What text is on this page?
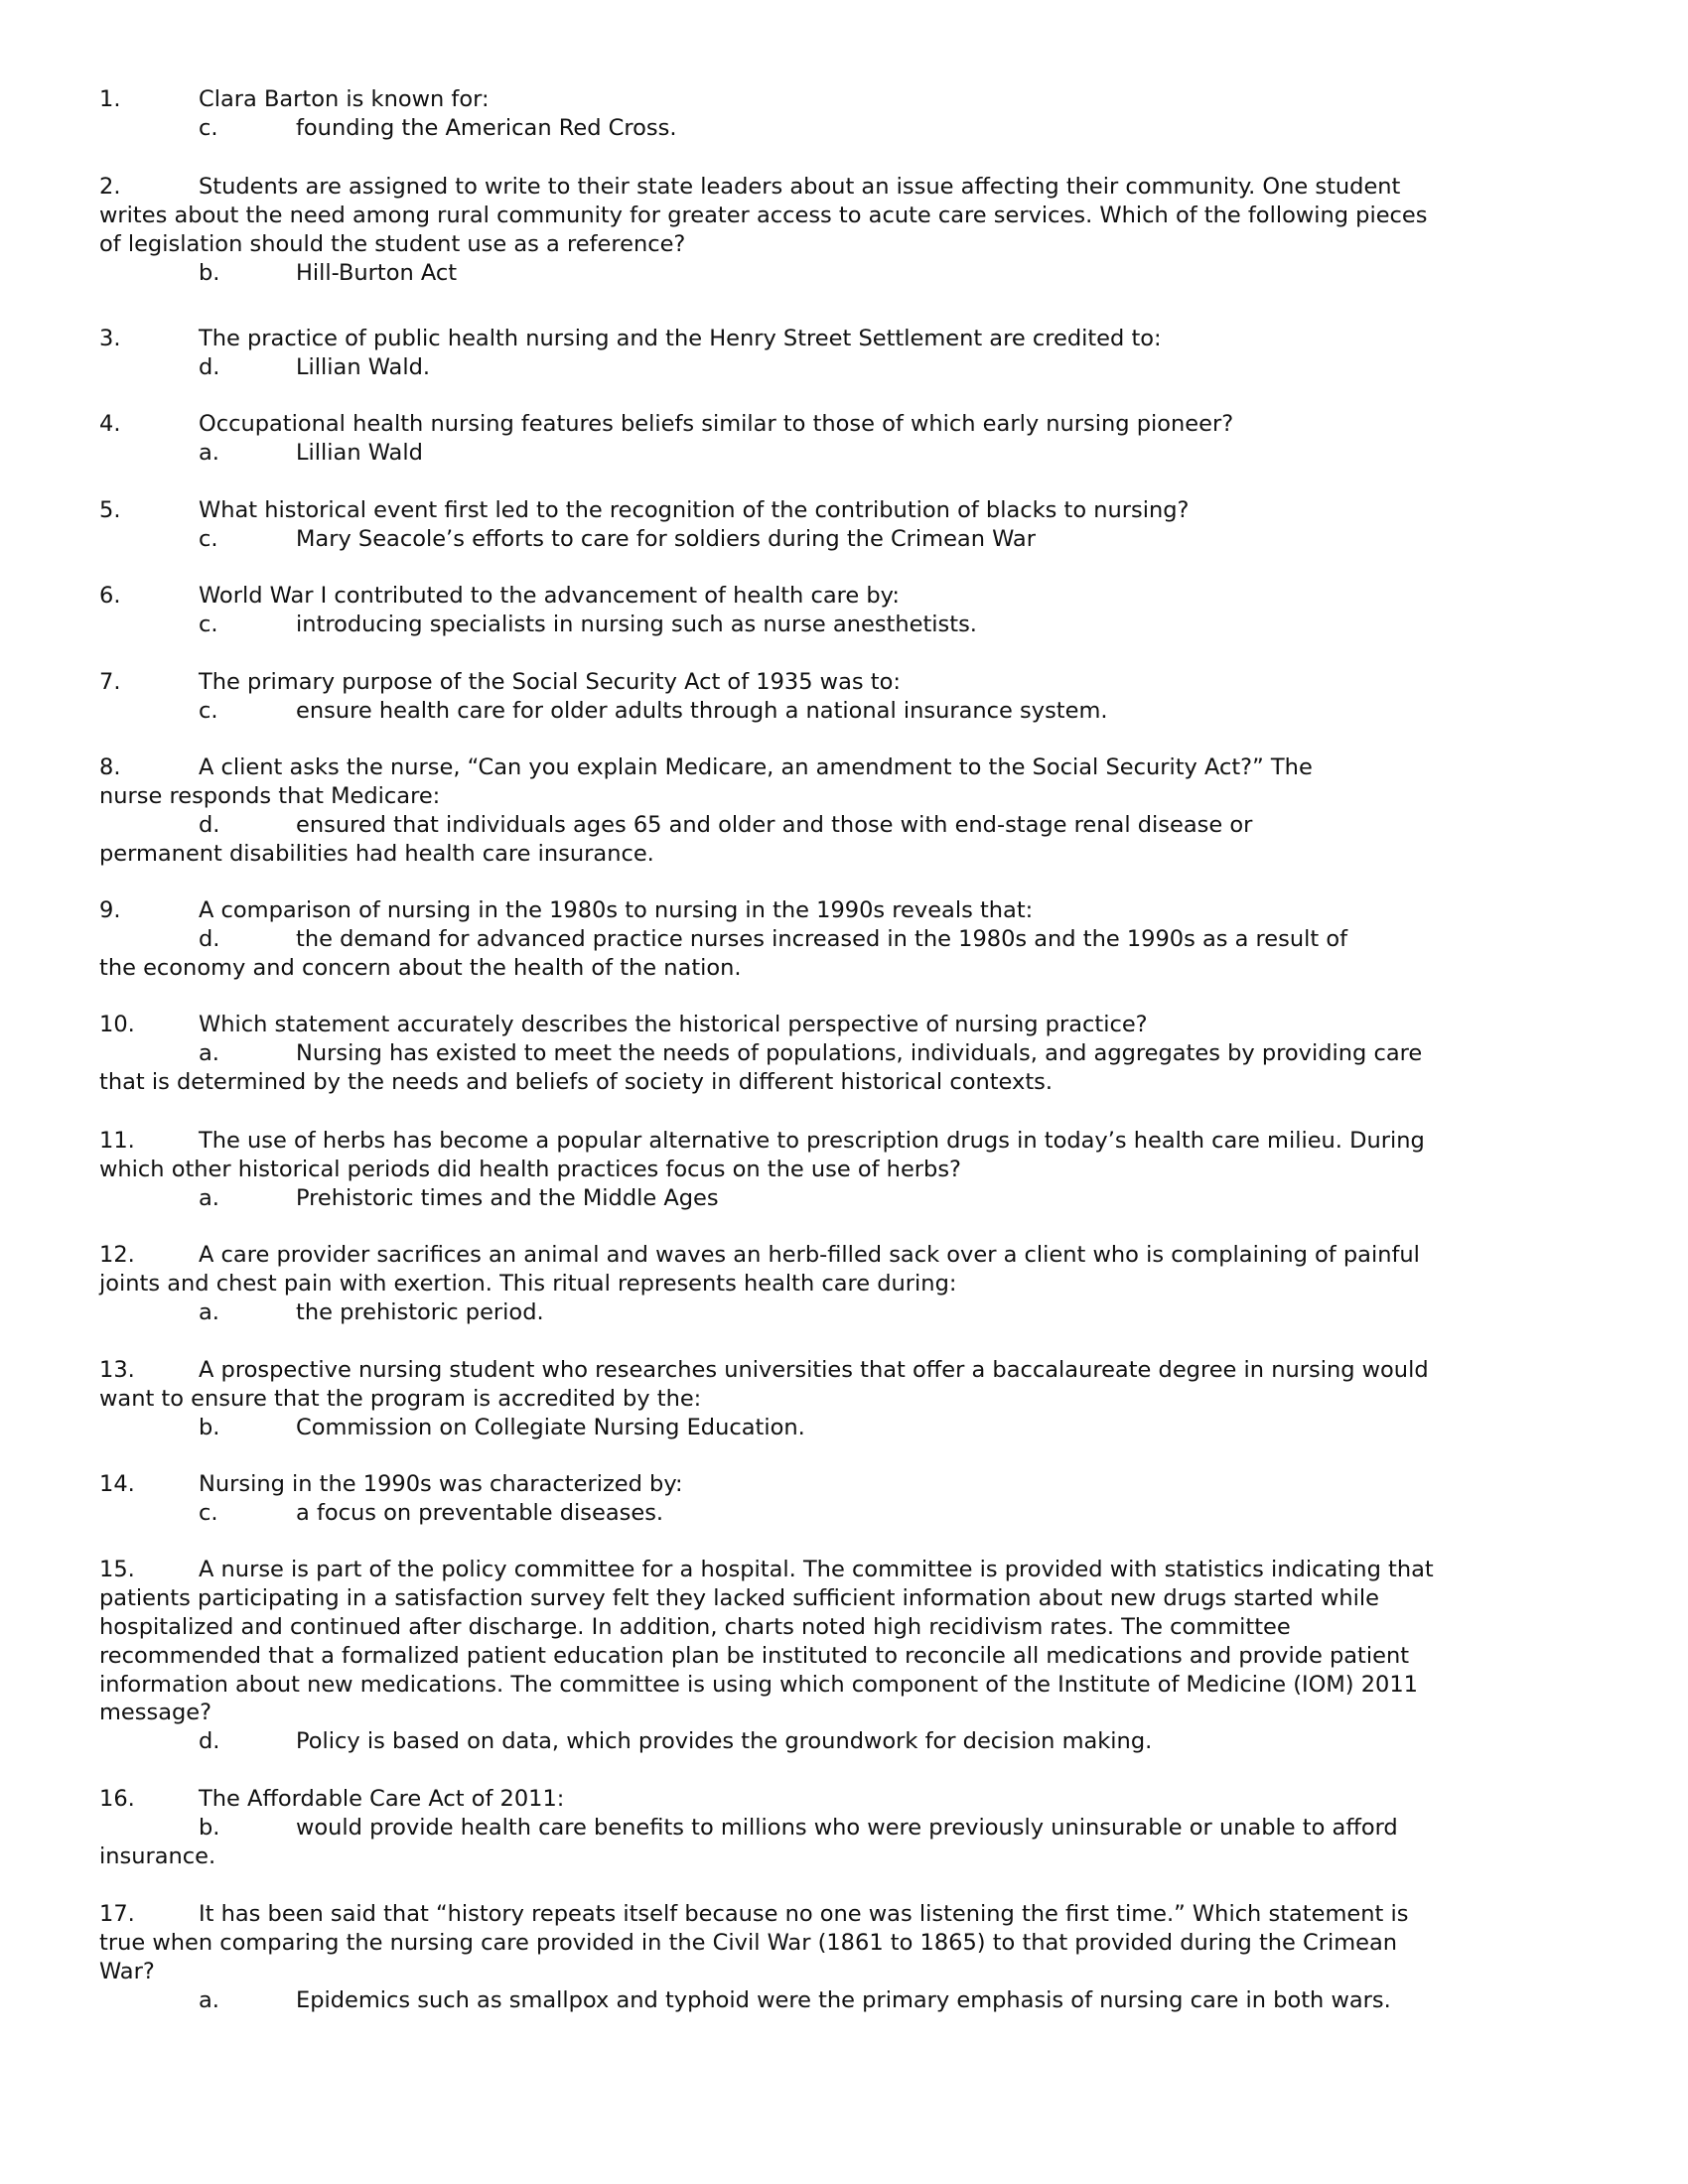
1.	Clara Barton is known for:
c.	founding the American Red Cross.
2.	Students are assigned to write to their state leaders about an issue affecting their community. One student
writes about the need among rural community for greater access to acute care services. Which of the following pieces
of legislation should the student use as a reference?
b.	Hill-Burton Act
3.	The practice of public health nursing and the Henry Street Settlement are credited to:
d.	Lillian Wald.
4.	Occupational health nursing features beliefs similar to those of which early nursing pioneer?
a.	Lillian Wald
5.	What historical event first led to the recognition of the contribution of blacks to nursing?
c.	Mary Seacole’s efforts to care for soldiers during the Crimean War
6.	World War I contributed to the advancement of health care by:
c.	introducing specialists in nursing such as nurse anesthetists.
7.	The primary purpose of the Social Security Act of 1935 was to:
c.	ensure health care for older adults through a national insurance system.
8.	A client asks the nurse, “Can you explain Medicare, an amendment to the Social Security Act?” The
nurse responds that Medicare:
d.	ensured that individuals ages 65 and older and those with end-stage renal disease or
permanent disabilities had health care insurance.
9.	A comparison of nursing in the 1980s to nursing in the 1990s reveals that:
d.	the demand for advanced practice nurses increased in the 1980s and the 1990s as a result of
the economy and concern about the health of the nation.
10.	Which statement accurately describes the historical perspective of nursing practice?
a.	Nursing has existed to meet the needs of populations, individuals, and aggregates by providing care
that is determined by the needs and beliefs of society in different historical contexts.
11.	The use of herbs has become a popular alternative to prescription drugs in today’s health care milieu. During
which other historical periods did health practices focus on the use of herbs?
a.	Prehistoric times and the Middle Ages
12.	A care provider sacrifices an animal and waves an herb-filled sack over a client who is complaining of painful
joints and chest pain with exertion. This ritual represents health care during:
a.	the prehistoric period.
13.	A prospective nursing student who researches universities that offer a baccalaureate degree in nursing would
want to ensure that the program is accredited by the:
b.	Commission on Collegiate Nursing Education.
14.	Nursing in the 1990s was characterized by:
c.	a focus on preventable diseases.
15.	A nurse is part of the policy committee for a hospital. The committee is provided with statistics indicating that
patients participating in a satisfaction survey felt they lacked sufficient information about new drugs started while
hospitalized and continued after discharge. In addition, charts noted high recidivism rates. The committee
recommended that a formalized patient education plan be instituted to reconcile all medications and provide patient
information about new medications. The committee is using which component of the Institute of Medicine (IOM) 2011
message?
d.	Policy is based on data, which provides the groundwork for decision making.
16.	The Affordable Care Act of 2011:
b.	would provide health care benefits to millions who were previously uninsurable or unable to afford
insurance.
17.	It has been said that “history repeats itself because no one was listening the first time.” Which statement is
true when comparing the nursing care provided in the Civil War (1861 to 1865) to that provided during the Crimean
War?
a.	Epidemics such as smallpox and typhoid were the primary emphasis of nursing care in both wars.
